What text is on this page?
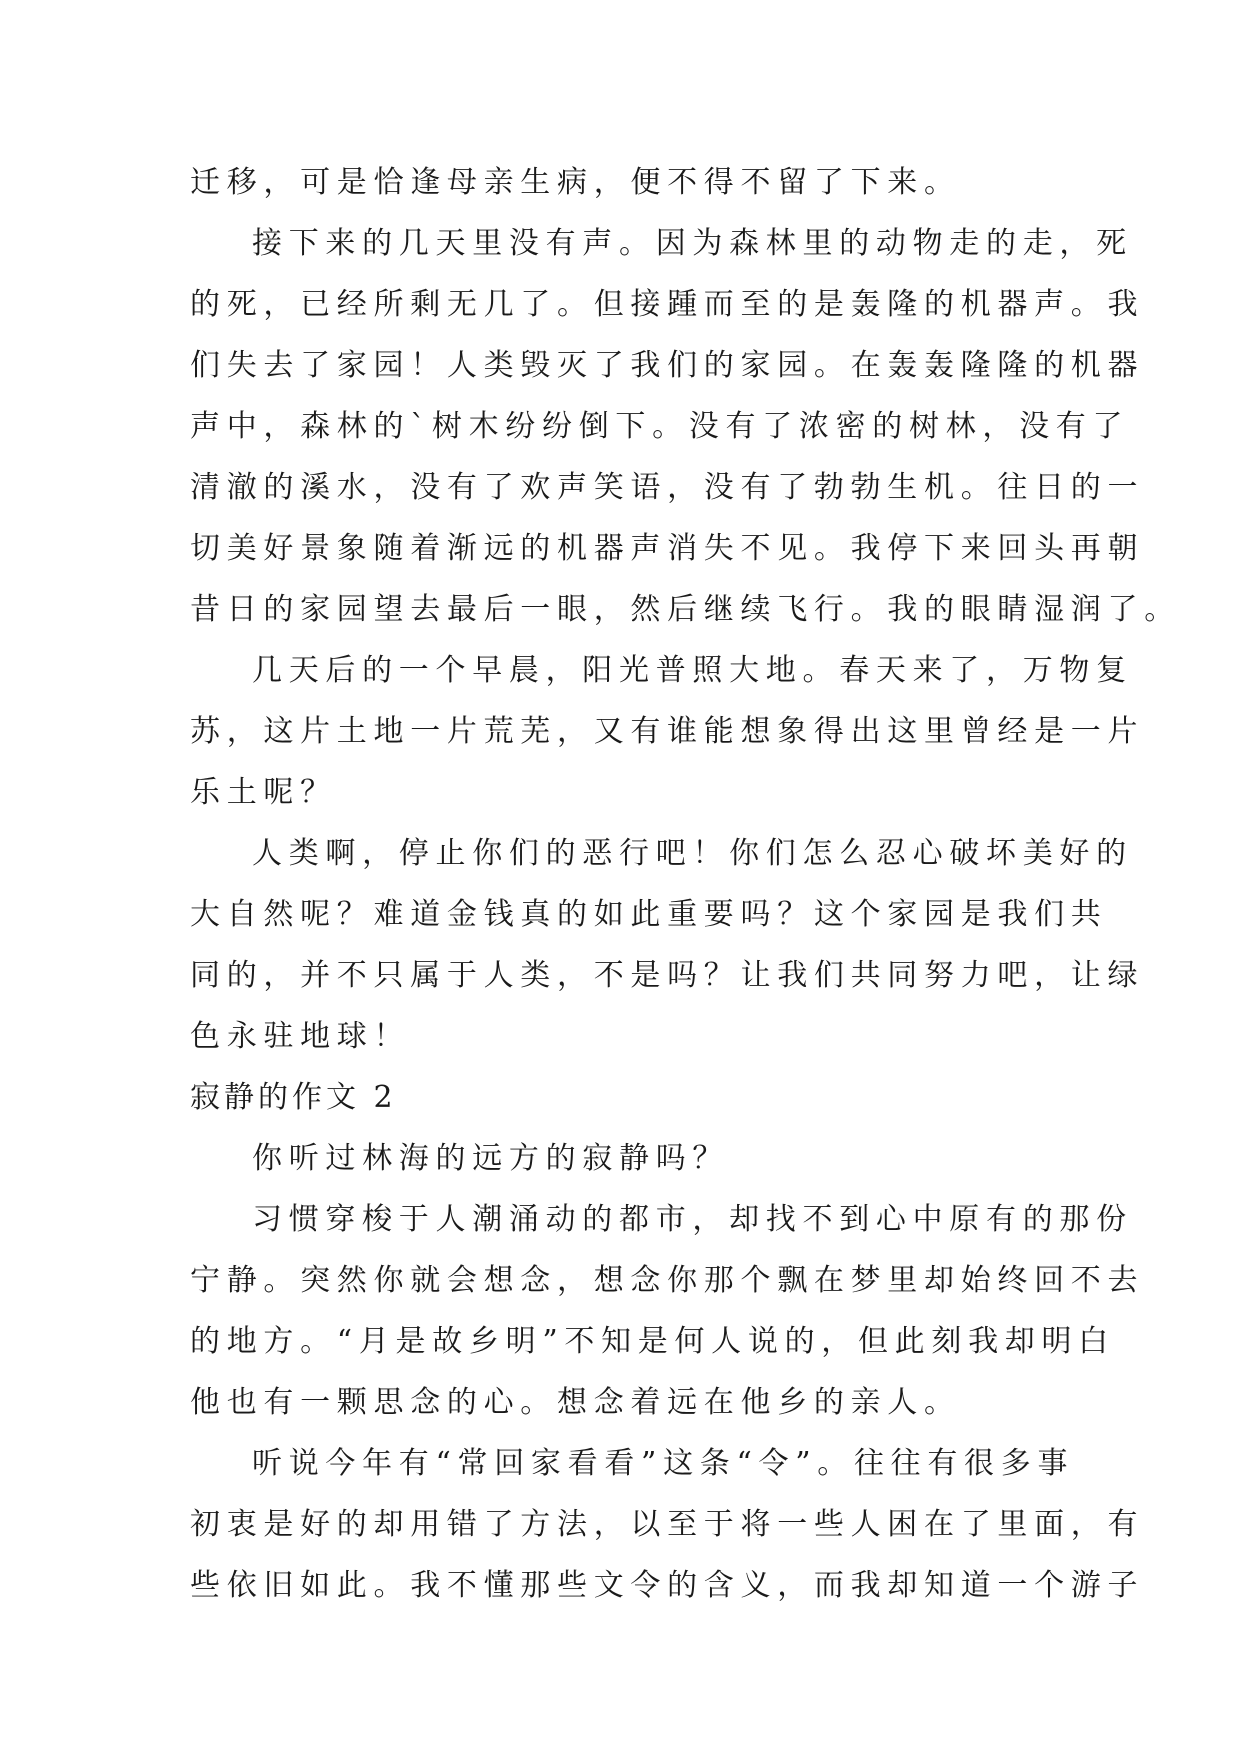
迁移，可是恰逢母亲生病，便不得不留了下来。
接下来的几天里没有声。因为森林里的动物走的走，死
的死，已经所剩无几了。但接踵而至的是轰隆的机器声。我
们失去了家园！人类毁灭了我们的家园。在轰轰隆隆的机器
声中，森林的`树木纷纷倒下。没有了浓密的树林，没有了
清澈的溪水，没有了欢声笑语，没有了勃勃生机。往日的一
切美好景象随着渐远的机器声消失不见。我停下来回头再朝
昔日的家园望去最后一眼，然后继续飞行。我的眼睛湿润了。
几天后的一个早晨，阳光普照大地。春天来了，万物复
苏，这片土地一片荒芜，又有谁能想象得出这里曾经是一片
乐土呢？
人类啊，停止你们的恶行吧！你们怎么忍心破坏美好的
大自然呢？难道金钱真的如此重要吗？这个家园是我们共
同的，并不只属于人类，不是吗？让我们共同努力吧，让绿
色永驻地球！
寂静的作文 2
你听过林海的远方的寂静吗？
习惯穿梭于人潮涌动的都市，却找不到心中原有的那份
宁静。突然你就会想念，想念你那个飘在梦里却始终回不去
的地方。“月是故乡明”不知是何人说的，但此刻我却明白
他也有一颗思念的心。想念着远在他乡的亲人。
听说今年有“常回家看看”这条“令”。往往有很多事
初衷是好的却用错了方法，以至于将一些人困在了里面，有
些依旧如此。我不懂那些文令的含义，而我却知道一个游子
